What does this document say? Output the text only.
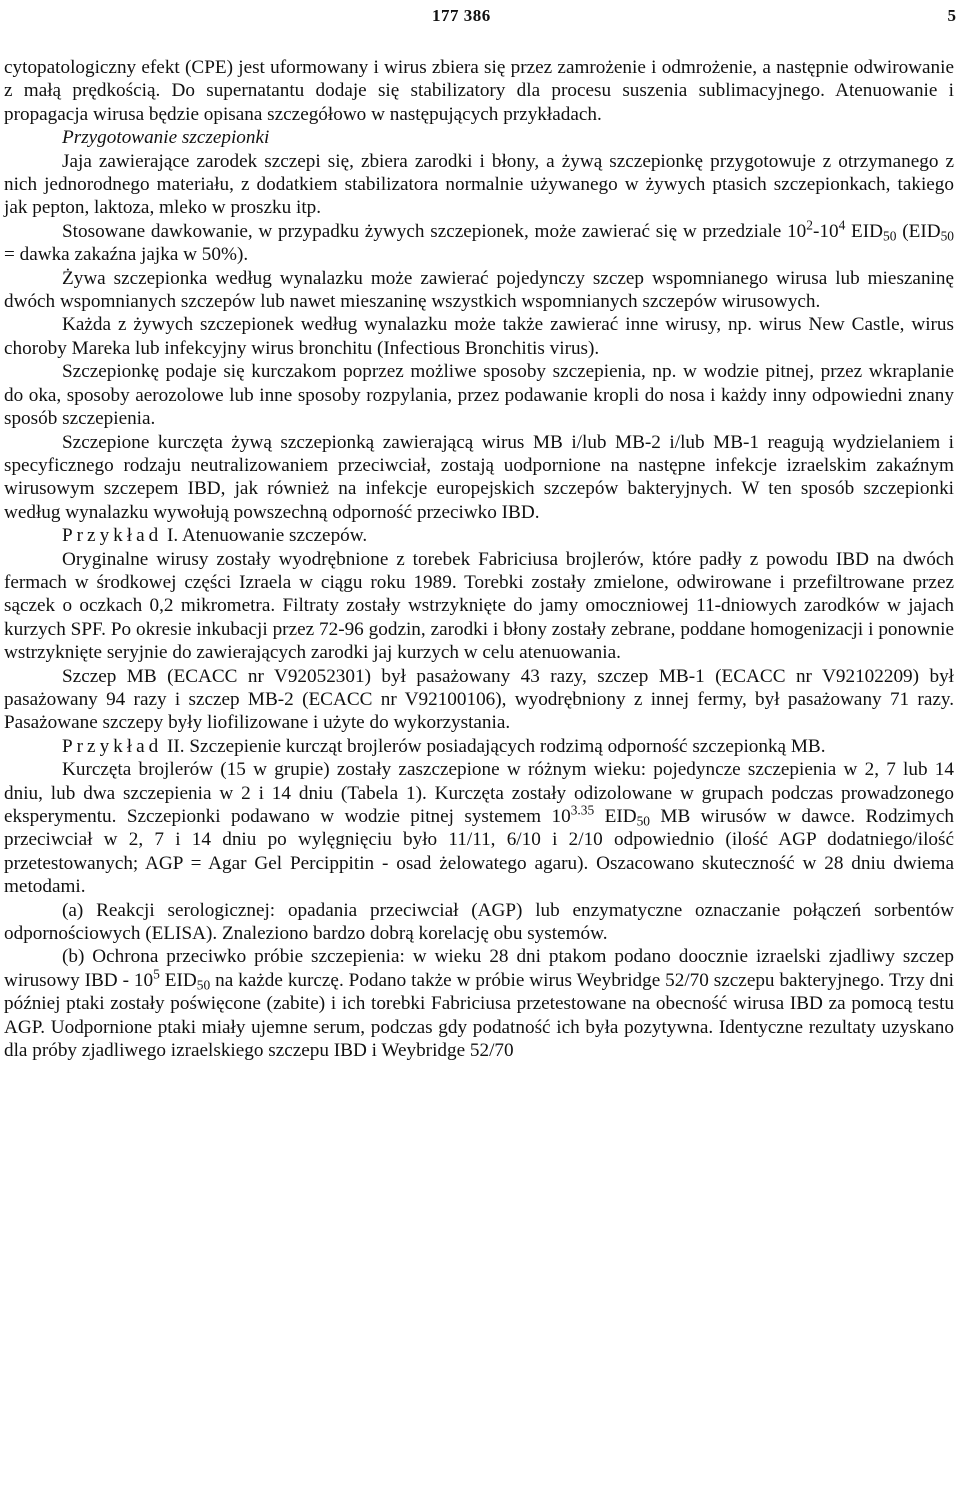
177 386	5

cytopatologiczny efekt (CPE) jest uformowany i wirus zbiera się przez zamrożenie i odmrożenie, a następnie odwirowanie z małą prędkością. Do supernatantu dodaje się stabilizatory dla procesu suszenia sublimacyjnego. Atenuowanie i propagacja wirusa będzie opisana szczegółowo w następujących przykładach.

Przygotowanie szczepionki

Jaja zawierające zarodek szczepi się, zbiera zarodki i błony, a żywą szczepionkę przygotowuje z otrzymanego z nich jednorodnego materiału, z dodatkiem stabilizatora normalnie używanego w żywych ptasich szczepionkach, takiego jak pepton, laktoza, mleko w proszku itp.

Stosowane dawkowanie, w przypadku żywych szczepionek, może zawierać się w przedziale $10^2-10^4$ $EID_{50}$ ($EID_{50}$ = dawka zakaźna jajka w 50%).

Żywa szczepionka według wynalazku może zawierać pojedynczy szczep wspomnianego wirusa lub mieszaninę dwóch wspomnianych szczepów lub nawet mieszaninę wszystkich wspomnianych szczepów wirusowych.

Każda z żywych szczepionek według wynalazku może także zawierać inne wirusy, np. wirus New Castle, wirus choroby Mareka lub infekcyjny wirus bronchitu (Infectious Bronchitis virus).

Szczepionkę podaje się kurczakom poprzez możliwe sposoby szczepienia, np. w wodzie pitnej, przez wkraplanie do oka, sposoby aerozolowe lub inne sposoby rozpylania, przez podawanie kropli do nosa i każdy inny odpowiedni znany sposób szczepienia.

Szczepione kurczęta żywą szczepionką zawierającą wirus MB i/lub MB-2 i/lub MB-1 reagują wydzielaniem i specyficznego rodzaju neutralizowaniem przeciwciał, zostają uodpornione na następne infekcje izraelskim zakaźnym wirusowym szczepem IBD, jak również na infekcje europejskich szczepów bakteryjnych. W ten sposób szczepionki według wynalazku wywołują powszechną odporność przeciwko IBD.

Przykład I. Atenuowanie szczepów.

Oryginalne wirusy zostały wyodrębnione z torebek Fabriciusa brojlerów, które padły z powodu IBD na dwóch fermach w środkowej części Izraela w ciągu roku 1989. Torebki zostały zmielone, odwirowane i przefiltrowane przez sączek o oczkach 0,2 mikrometra. Filtraty zostały wstrzyknięte do jamy omoczniowej 11-dniowych zarodków w jajach kurzych SPF. Po okresie inkubacji przez 72-96 godzin, zarodki i błony zostały zebrane, poddane homogenizacji i ponownie wstrzyknięte seryjnie do zawierających zarodki jaj kurzych w celu atenuowania.

Szczep MB (ECACC nr V92052301) był pasażowany 43 razy, szczep MB-1 (ECACC nr V92102209) był pasażowany 94 razy i szczep MB-2 (ECACC nr V92100106), wyodrębniony z innej fermy, był pasażowany 71 razy. Pasażowane szczepy były liofilizowane i użyte do wykorzystania.

Przykład II. Szczepienie kurcząt brojlerów posiadających rodzimą odporność szczepionką MB.

Kurczęta brojlerów (15 w grupie) zostały zaszczepione w różnym wieku: pojedyncze szczepienia w 2, 7 lub 14 dniu, lub dwa szczepienia w 2 i 14 dniu (Tabela 1). Kurczęta zostały odizolowane w grupach podczas prowadzonego eksperymentu. Szczepionki podawano w wodzie pitnej systemem $10^{3.35}$ $EID_{50}$ MB wirusów w dawce. Rodzimych przeciwciał w 2, 7 i 14 dniu po wylęgnięciu było 11/11, 6/10 i 2/10 odpowiednio (ilość AGP dodatniego/ilość przetestowanych; AGP = Agar Gel Percippitin - osad żelowatego agaru). Oszacowano skuteczność w 28 dniu dwiema metodami.

(a) Reakcji serologicznej: opadania przeciwciał (AGP) lub enzymatyczne oznaczanie połączeń sorbentów odpornościowych (ELISA). Znaleziono bardzo dobrą korelację obu systemów.

(b) Ochrona przeciwko próbie szczepienia: w wieku 28 dni ptakom podano doocznie izraelski zjadliwy szczep wirusowy IBD - $10^5$ $EID_{50}$ na każde kurczę. Podano także w próbie wirus Weybridge 52/70 szczepu bakteryjnego. Trzy dni później ptaki zostały poświęcone (zabite) i ich torebki Fabriciusa przetestowane na obecność wirusa IBD za pomocą testu AGP. Uodpornione ptaki miały ujemne serum, podczas gdy podatność ich była pozytywna. Identyczne rezultaty uzyskano dla próby zjadliwego izraelskiego szczepu IBD i Weybridge 52/70
